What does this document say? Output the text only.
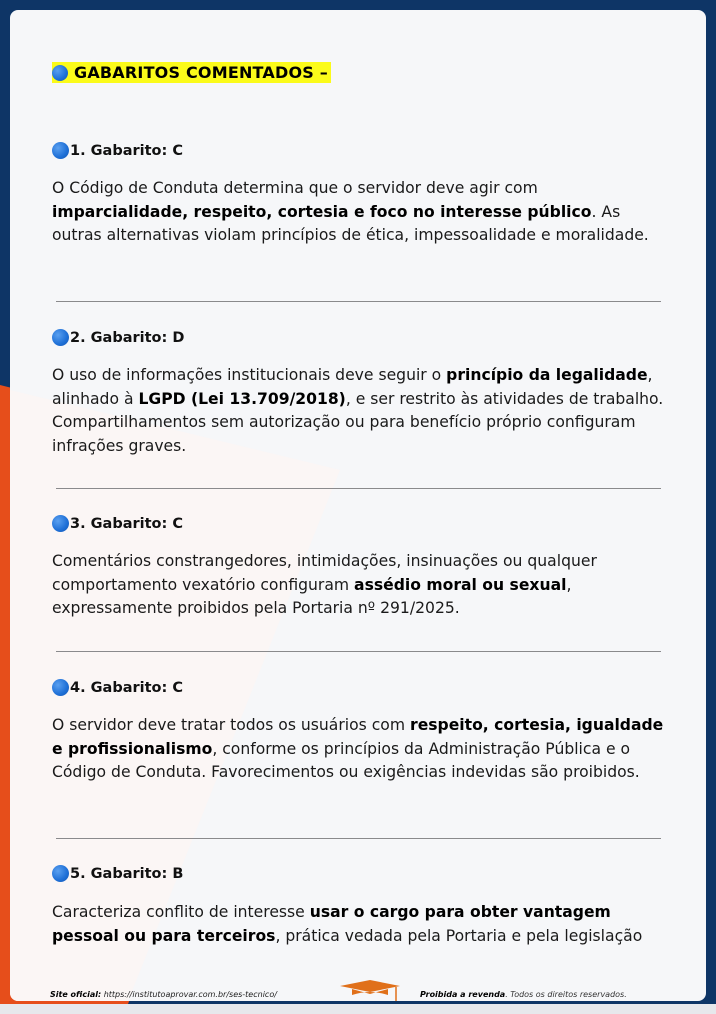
GABARITOS COMENTADOS –
1. Gabarito: C
O Código de Conduta determina que o servidor deve agir com imparcialidade, respeito, cortesia e foco no interesse público. As outras alternativas violam princípios de ética, impessoalidade e moralidade.
2. Gabarito: D
O uso de informações institucionais deve seguir o princípio da legalidade, alinhado à LGPD (Lei 13.709/2018), e ser restrito às atividades de trabalho. Compartilhamentos sem autorização ou para benefício próprio configuram infrações graves.
3. Gabarito: C
Comentários constrangedores, intimidações, insinuações ou qualquer comportamento vexatório configuram assédio moral ou sexual, expressamente proibidos pela Portaria nº 291/2025.
4. Gabarito: C
O servidor deve tratar todos os usuários com respeito, cortesia, igualdade e profissionalismo, conforme os princípios da Administração Pública e o Código de Conduta. Favorecimentos ou exigências indevidas são proibidos.
5. Gabarito: B
Caracteriza conflito de interesse usar o cargo para obter vantagem pessoal ou para terceiros, prática vedada pela Portaria e pela legislação
Site oficial: https://institutoaprovar.com.br/ses-tecnico/	Proibida a revenda. Todos os direitos reservados.
